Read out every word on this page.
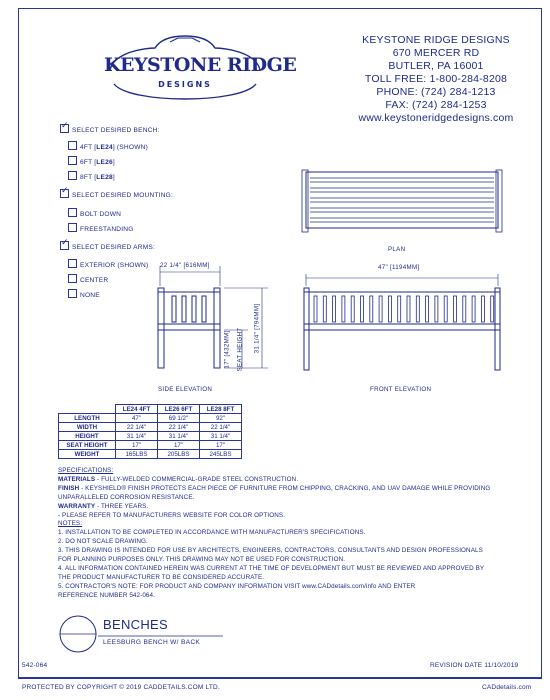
KEYSTONE RIDGE
DESIGNS
KEYSTONE RIDGE DESIGNS
670 MERCER RD
BUTLER, PA 16001
TOLL FREE: 1-800-284-8208
PHONE: (724) 284-1213
FAX: (724) 284-1253
www.keystoneridgedesigns.com
✓SELECT DESIRED BENCH:
4FT [LE24] (SHOWN)
6FT [LE26]
8FT [LE28]
✓SELECT DESIRED MOUNTING:
BOLT DOWN
FREESTANDING
✓SELECT DESIRED ARMS:
EXTERIOR (SHOWN)
CENTER
NONE
PLAN
22 1/4" [616MM]
31 1/4" [794MM]
17" [432MM] SEAT HEIGHT
SIDE ELEVATION
47" [1194MM]
FRONT ELEVATION
	LE24 4FT	LE26 6FT	LE28 8FT
LENGTH	47"	69 1/2"	92"
WIDTH	22 1/4"	22 1/4"	22 1/4"
HEIGHT	31 1/4"	31 1/4"	31 1/4"
SEAT HEIGHT	17"	17"	17"
WEIGHT	165LBS	205LBS	245LBS
SPECIFICATIONS:
MATERIALS - FULLY-WELDED COMMERCIAL-GRADE STEEL CONSTRUCTION.
FINISH - KEYSHIELD® FINISH PROTECTS EACH PIECE OF FURNITURE FROM CHIPPING, CRACKING, AND UAV DAMAGE WHILE PROVIDING
UNPARALLELED CORROSION RESISTANCE.
WARRANTY - THREE YEARS.
- PLEASE REFER TO MANUFACTURERS WEBSITE FOR COLOR OPTIONS.
NOTES:
1. INSTALLATION TO BE COMPLETED IN ACCORDANCE WITH MANUFACTURER'S SPECIFICATIONS.
2. DO NOT SCALE DRAWING.
3. THIS DRAWING IS INTENDED FOR USE BY ARCHITECTS, ENGINEERS, CONTRACTORS, CONSULTANTS AND DESIGN PROFESSIONALS
FOR PLANNING PURPOSES ONLY. THIS DRAWING MAY NOT BE USED FOR CONSTRUCTION.
4. ALL INFORMATION CONTAINED HEREIN WAS CURRENT AT THE TIME OF DEVELOPMENT BUT MUST BE REVIEWED AND APPROVED BY
THE PRODUCT MANUFACTURER TO BE CONSIDERED ACCURATE.
5. CONTRACTOR'S NOTE: FOR PRODUCT AND COMPANY INFORMATION VISIT www.CADdetails.com/info AND ENTER
REFERENCE NUMBER 542-064.
BENCHES
LEESBURG BENCH W/ BACK
542-064	REVISION DATE 11/10/2019
PROTECTED BY COPYRIGHT © 2019 CADDETAILS.COM LTD.	CADdetails.com
